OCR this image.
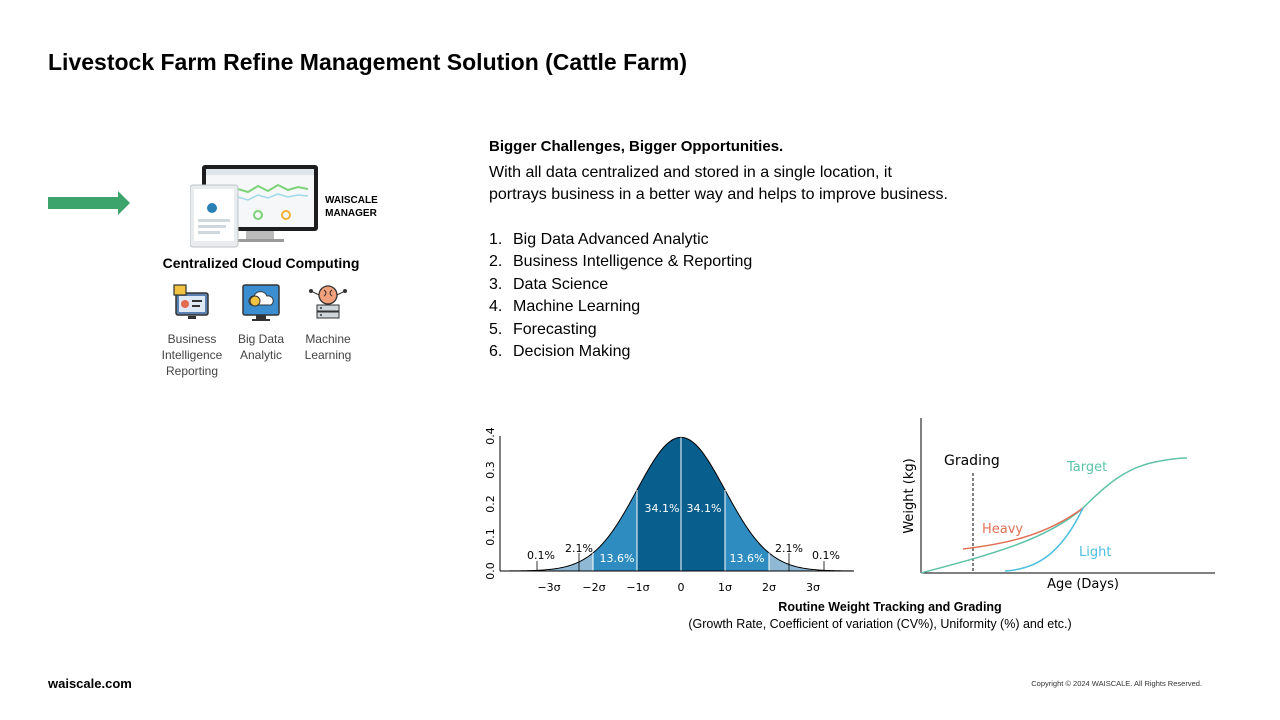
Livestock Farm Refine Management Solution (Cattle Farm)
WAISCALE
MANAGER
Centralized Cloud Computing
Business
Intelligence
Reporting
Big Data
Analytic
Machine
Learning
Bigger Challenges, Bigger Opportunities.
With all data centralized and stored in a single location, it
portrays business in a better way and helps to improve business.
1. Big Data Advanced Analytic
2. Business Intelligence & Reporting
3. Data Science
4. Machine Learning
5. Forecasting
6. Decision Making
−3σ −2σ −1σ	0	1σ	2σ	3σ
0.0
0.1
0.2
0.3
0.4
2.1%
13.6%
34.1% 34.1%
13.6%
2.1%
0.1%	0.1%
Grading	Target
Heavy
Light
Weight (kg)
Age (Days)
Routine Weight Tracking and Grading
(Growth Rate, Coefficient of variation (CV%), Uniformity (%) and etc.)
waiscale.com	Copyright © 2024 WAISCALE. All Rights Reserved.
